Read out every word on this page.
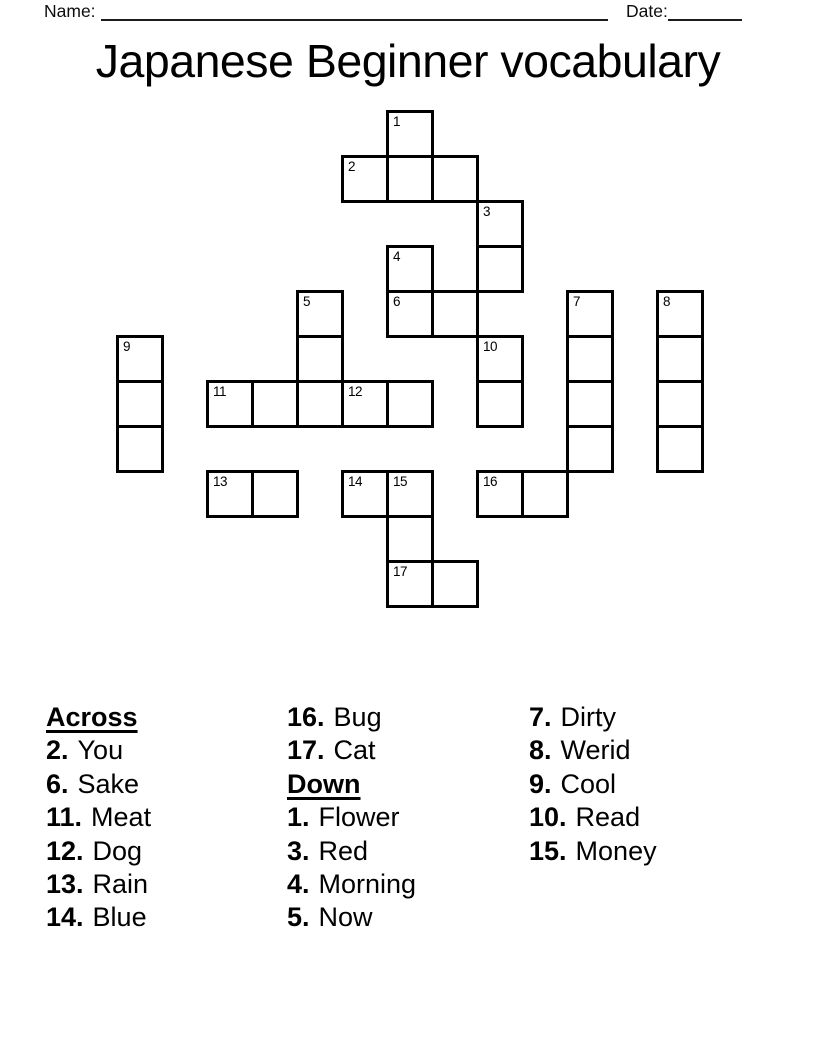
Name:	Date:
Japanese Beginner vocabulary
1
2
3
4
5	6	7	8
9	10
11	12
13	14 15	16
17
Across
2. You
6. Sake
11. Meat
12. Dog
13. Rain
14. Blue
16. Bug
17. Cat
Down
1. Flower
3. Red
4. Morning
5. Now
7. Dirty
8. Werid
9. Cool
10. Read
15. Money
